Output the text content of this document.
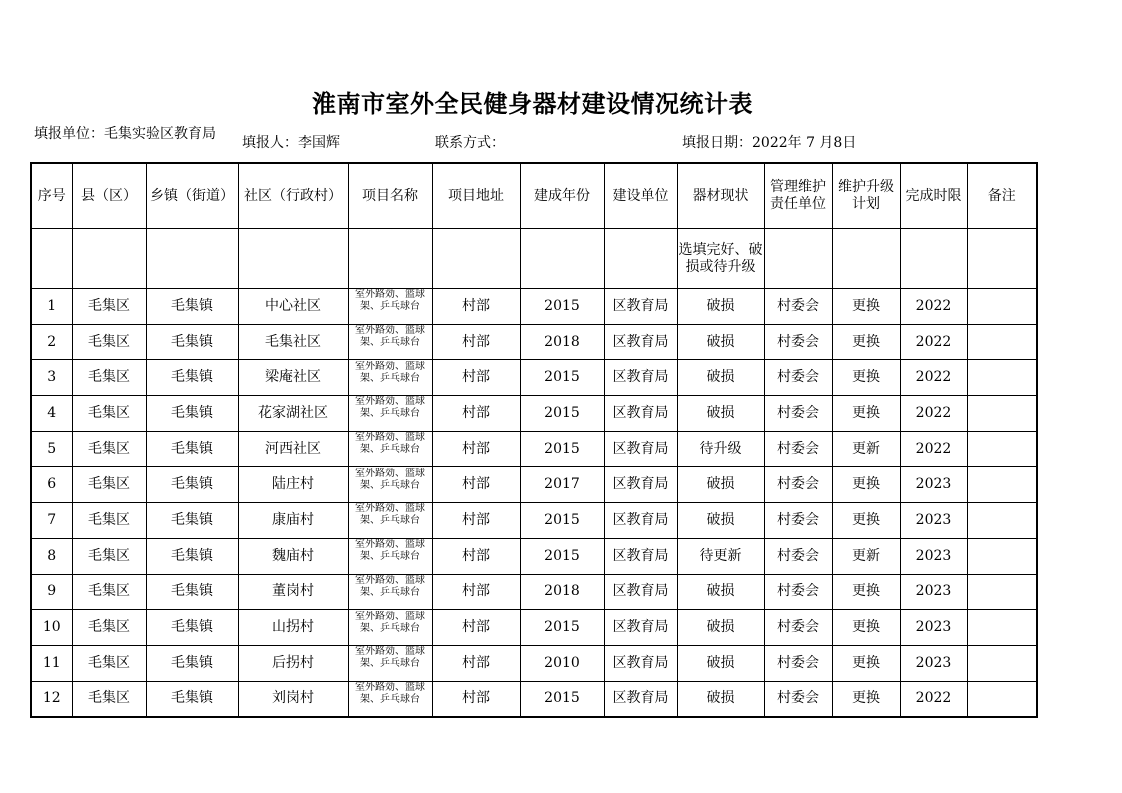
淮南市室外全民健身器材建设情况统计表
填报单位：毛集实验区教育局
填报人：李国辉	联系方式：	填报日期：2022年 7 月8日
序号	县（区）	乡镇（街道）	社区（行政村）	项目名称	项目地址	建成年份	建设单位	器材现状	管理维护责任单位	维护升级计划	完成时限	备注
								选填完好、破损或待升级				
1	毛集区	毛集镇	中心社区	室外路効、篮球架、乒乓球台	村部	2015	区教育局	破损	村委会	更换	2022	
2	毛集区	毛集镇	毛集社区	室外路効、篮球架、乒乓球台	村部	2018	区教育局	破损	村委会	更换	2022	
3	毛集区	毛集镇	梁庵社区	室外路効、篮球架、乒乓球台	村部	2015	区教育局	破损	村委会	更换	2022	
4	毛集区	毛集镇	花家湖社区	室外路効、篮球架、乒乓球台	村部	2015	区教育局	破损	村委会	更换	2022	
5	毛集区	毛集镇	河西社区	室外路効、篮球架、乒乓球台	村部	2015	区教育局	待升级	村委会	更新	2022	
6	毛集区	毛集镇	陆庄村	室外路効、篮球架、乒乓球台	村部	2017	区教育局	破损	村委会	更换	2023	
7	毛集区	毛集镇	康庙村	室外路効、篮球架、乒乓球台	村部	2015	区教育局	破损	村委会	更换	2023	
8	毛集区	毛集镇	魏庙村	室外路効、篮球架、乒乓球台	村部	2015	区教育局	待更新	村委会	更新	2023	
9	毛集区	毛集镇	董岗村	室外路効、篮球架、乒乓球台	村部	2018	区教育局	破损	村委会	更换	2023	
10	毛集区	毛集镇	山拐村	室外路効、篮球架、乒乓球台	村部	2015	区教育局	破损	村委会	更换	2023	
11	毛集区	毛集镇	后拐村	室外路効、篮球架、乒乓球台	村部	2010	区教育局	破损	村委会	更换	2023	
12	毛集区	毛集镇	刘岗村	室外路効、篮球架、乒乓球台	村部	2015	区教育局	破损	村委会	更换	2022	
